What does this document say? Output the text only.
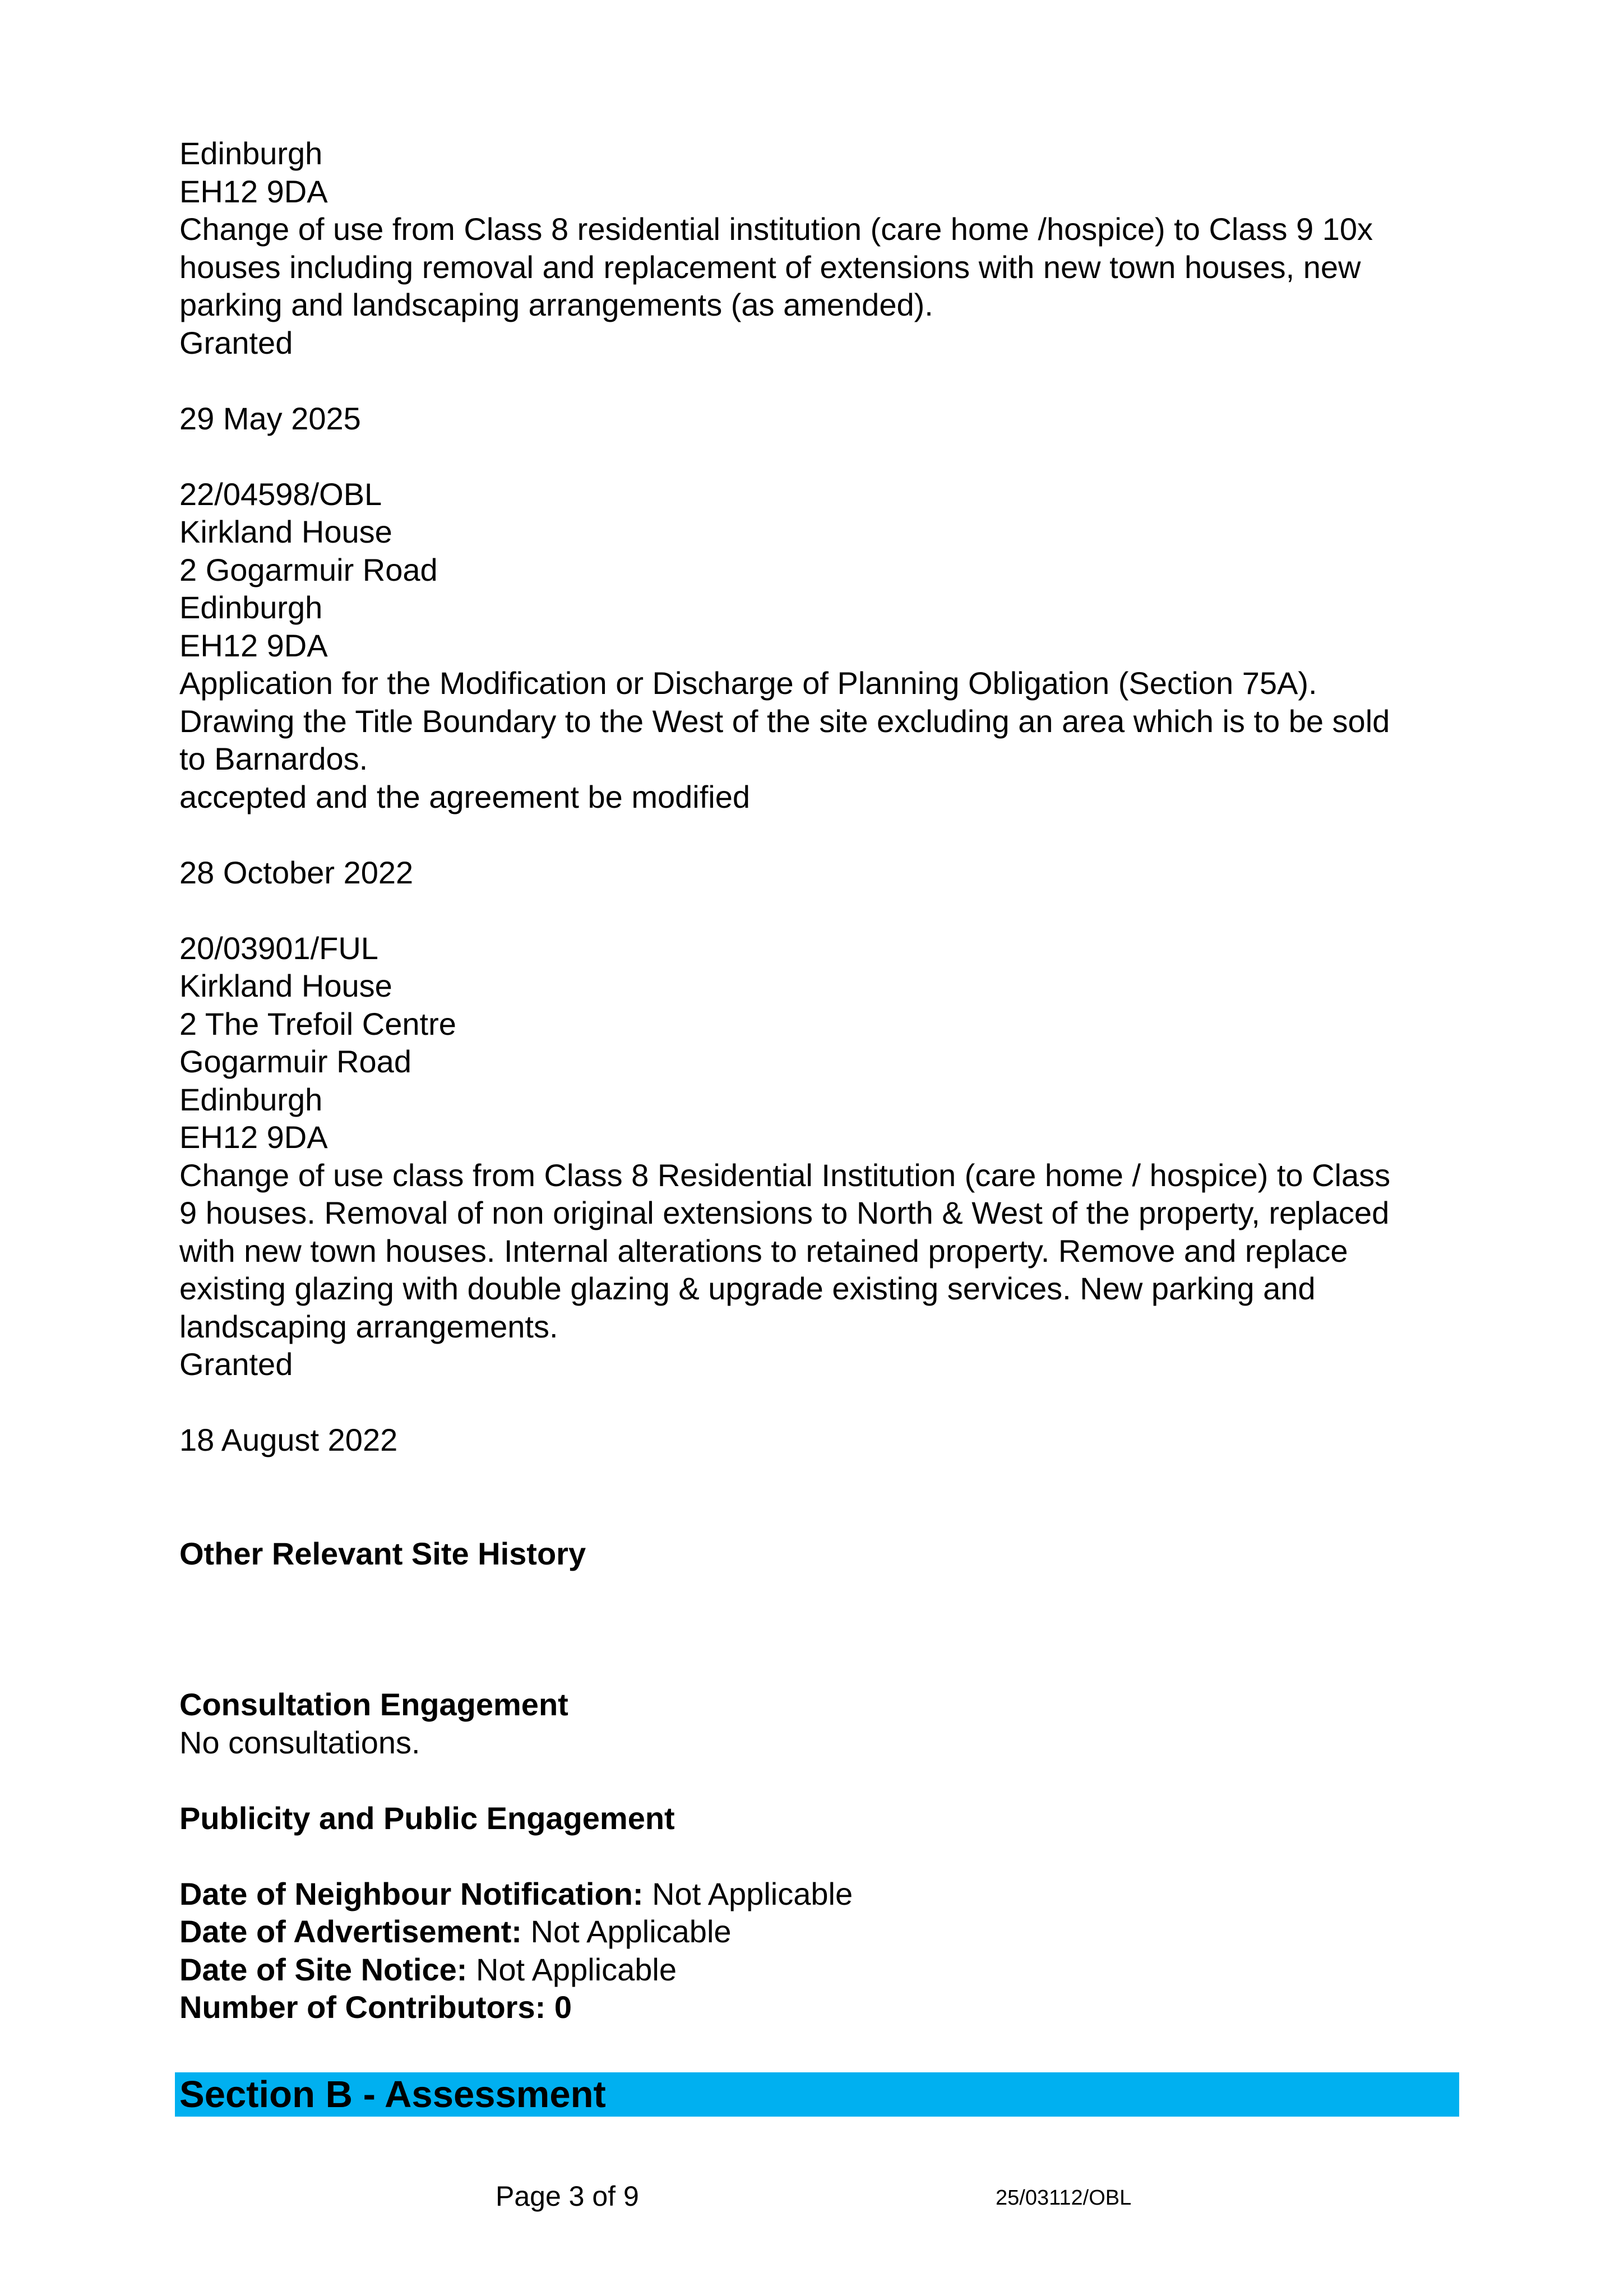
Edinburgh
EH12 9DA
Change of use from Class 8 residential institution (care home /hospice) to Class 9 10x
houses including removal and replacement of extensions with new town houses, new
parking and landscaping arrangements (as amended).
Granted
29 May 2025
22/04598/OBL
Kirkland House
2 Gogarmuir Road
Edinburgh
EH12 9DA
Application for the Modification or Discharge of Planning Obligation (Section 75A).
Drawing the Title Boundary to the West of the site excluding an area which is to be sold
to Barnardos.
accepted and the agreement be modified
28 October 2022
20/03901/FUL
Kirkland House
2 The Trefoil Centre
Gogarmuir Road
Edinburgh
EH12 9DA
Change of use class from Class 8 Residential Institution (care home / hospice) to Class
9 houses. Removal of non original extensions to North & West of the property, replaced
with new town houses. Internal alterations to retained property. Remove and replace
existing glazing with double glazing & upgrade existing services. New parking and
landscaping arrangements.
Granted
18 August 2022
Other Relevant Site History
Consultation Engagement
No consultations.
Publicity and Public Engagement
Date of Neighbour Notification: Not Applicable
Date of Advertisement: Not Applicable
Date of Site Notice: Not Applicable
Number of Contributors: 0
Section B - Assessment
Page 3 of 9	25/03112/OBL
